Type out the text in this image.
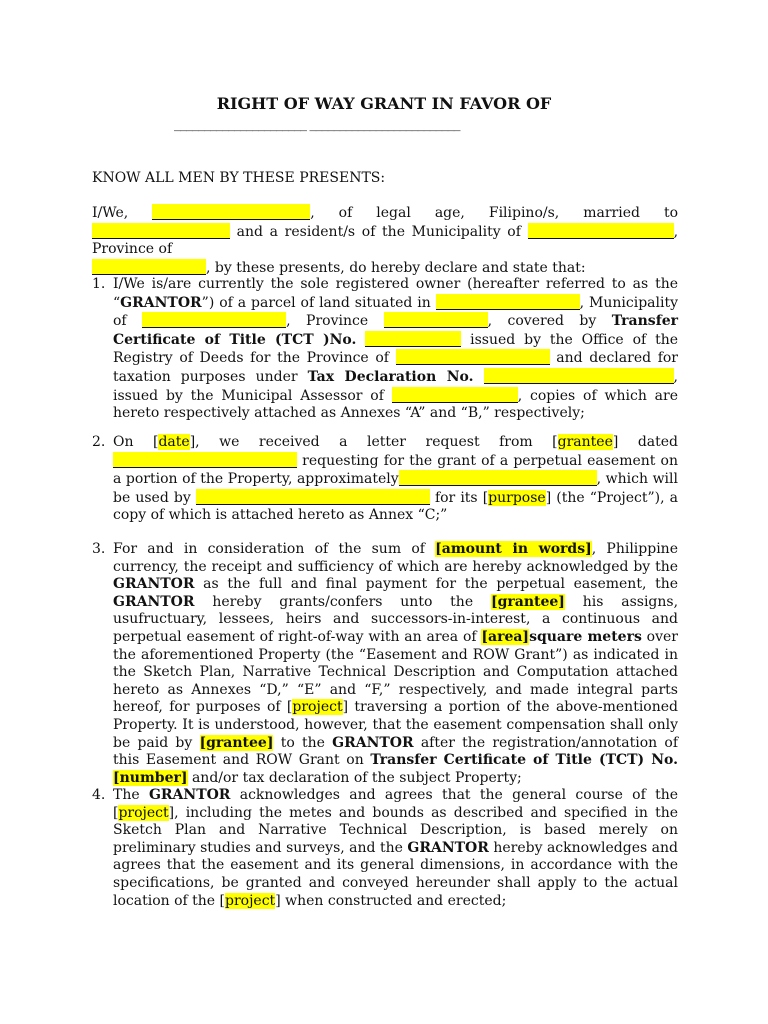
RIGHT OF WAY GRANT IN FAVOR OF
______________________ _________________________
KNOW ALL MEN BY THESE PRESENTS:
I/We,	, of legal age, Filipino/s, married to  and a resident/s of the Municipality of	, Province of
, by these presents, do hereby declare and state that:
1. I/We is/are currently the sole registered owner (hereafter referred to as the “GRANTOR”) of a parcel of land situated in	, Municipality of	, Province	, covered by Transfer Certificate of Title (TCT )No.	issued by the Office of the Registry of Deeds for the Province of	and declared for taxation purposes under Tax Declaration No.	, issued by the Municipal Assessor of	, copies of which are hereto respectively attached as Annexes “A” and “B,” respectively;
2. On [date], we received a letter request from [grantee] dated  requesting for the grant of a perpetual easement on a portion of the Property, approximately	, which will be used by	for its [purpose] (the “Project”), a copy of which is attached hereto as Annex “C;”
3. For and in consideration of the sum of [amount in words], Philippine currency, the receipt and sufficiency of which are hereby acknowledged by the GRANTOR as the full and final payment for the perpetual easement, the GRANTOR hereby grants/confers unto the [grantee] his assigns, usufructuary, lessees, heirs and successors-in-interest, a continuous and perpetual easement of right-of-way with an area of [area]square meters over the aforementioned Property (the “Easement and ROW Grant”) as indicated in the Sketch Plan, Narrative Technical Description and Computation attached hereto as Annexes “D,” “E” and “F,” respectively, and made integral parts hereof, for purposes of [project] traversing a portion of the above-mentioned Property. It is understood, however, that the easement compensation shall only be paid by [grantee] to the GRANTOR after the registration/annotation of this Easement and ROW Grant on Transfer Certificate of Title (TCT) No. [number] and/or tax declaration of the subject Property;
4. The GRANTOR acknowledges and agrees that the general course of the [project], including the metes and bounds as described and specified in the Sketch Plan and Narrative Technical Description, is based merely on preliminary studies and surveys, and the GRANTOR hereby acknowledges and agrees that the easement and its general dimensions, in accordance with the specifications, be granted and conveyed hereunder shall apply to the actual location of the [project] when constructed and erected;
